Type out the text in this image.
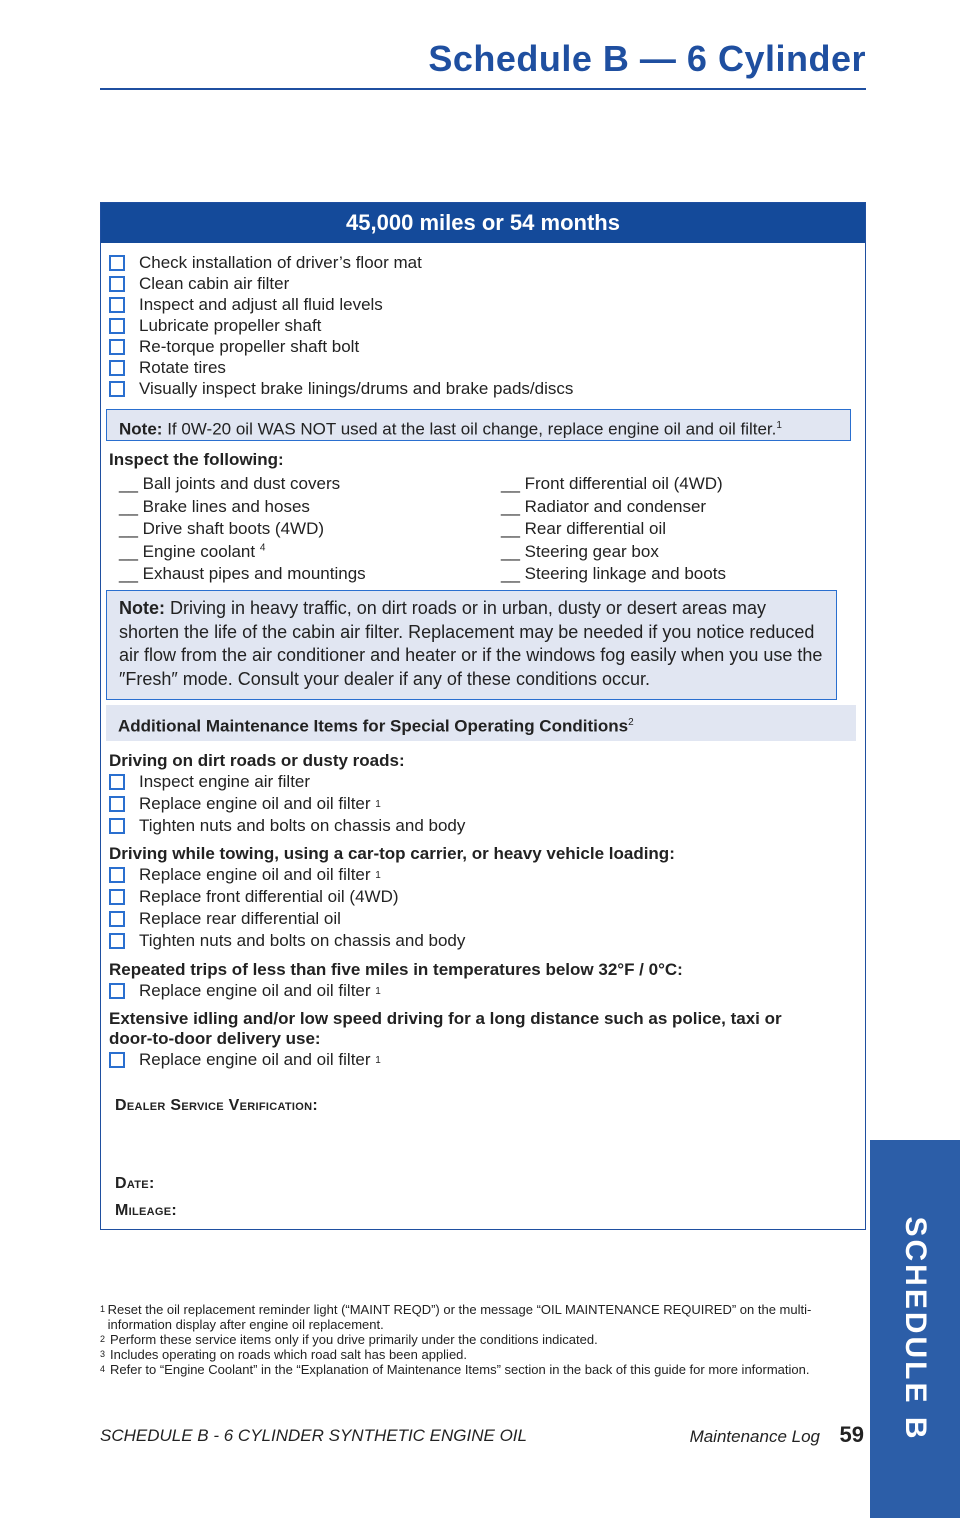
Schedule B — 6 Cylinder
45,000 miles or 54 months
Check installation of driver’s floor mat
Clean cabin air filter
Inspect and adjust all fluid levels
Lubricate propeller shaft
Re-torque propeller shaft bolt
Rotate tires
Visually inspect brake linings/drums and brake pads/discs
Note: If 0W-20 oil WAS NOT used at the last oil change, replace engine oil and oil filter.$^1$
Inspect the following:
__ Ball joints and dust covers
__ Brake lines and hoses
__ Drive shaft boots (4WD)
__ Engine coolant $^4$
__ Exhaust pipes and mountings
__ Front differential oil (4WD)
__ Radiator and condenser
__ Rear differential oil
__ Steering gear box
__ Steering linkage and boots
Note: Driving in heavy traffic, on dirt roads or in urban, dusty or desert areas may shorten the life of the cabin air filter. Replacement may be needed if you notice reduced air flow from the air conditioner and heater or if the windows fog easily when you use the ″Fresh″ mode. Consult your dealer if any of these conditions occur.
Additional Maintenance Items for Special Operating Conditions$^2$
Driving on dirt roads or dusty roads:
Inspect engine air filter
Replace engine oil and oil filter
1
Tighten nuts and bolts on chassis and body
Driving while towing, using a car-top carrier, or heavy vehicle loading:
Replace engine oil and oil filter
1
Replace front differential oil (4WD)
Replace rear differential oil
Tighten nuts and bolts on chassis and body
Repeated trips of less than five miles in temperatures below 32°F / 0°C:
Replace engine oil and oil filter
1
Extensive idling and/or low speed driving for a long distance such as police, taxi or door-to-door delivery use:
Replace engine oil and oil filter
1
Dealer Service Verification:
Date:
Mileage:
1 Reset the oil replacement reminder light (“MAINT REQD”) or the message “OIL MAINTENANCE REQUIRED” on the multi-information display after engine oil replacement.
2 Perform these service items only if you drive primarily under the conditions indicated.
3 Includes operating on roads which road salt has been applied.
4 Refer to “Engine Coolant” in the “Explanation of Maintenance Items” section in the back of this guide for more information.
SCHEDULE B - 6 CYLINDER SYNTHETIC ENGINE OIL	Maintenance Log 59 SCHEDULE B
